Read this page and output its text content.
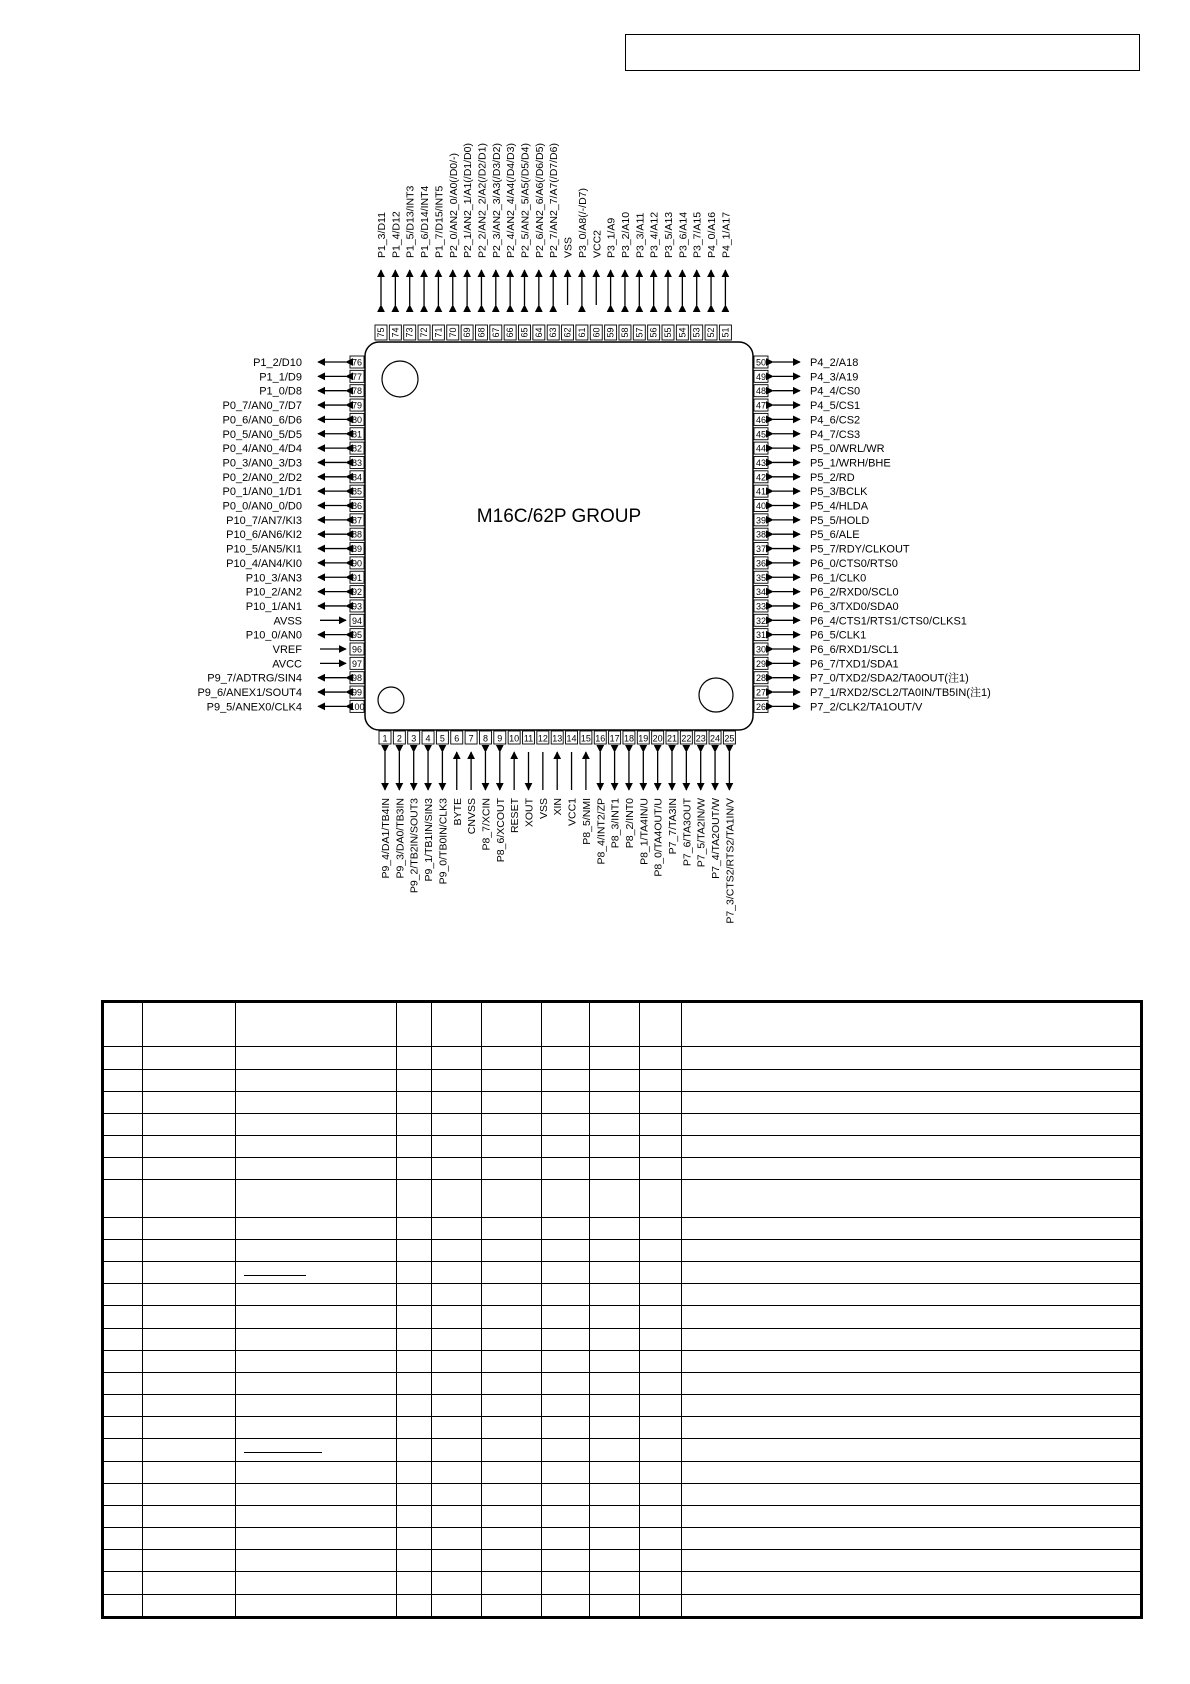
M16C/62P GROUP
75
P1_3/D11
74
P1_4/D12
73
P1_5/D13/INT3
72
P1_6/D14/INT4
71
P1_7/D15/INT5
70
P2_0/AN2_0/A0(/D0/-)
69
P2_1/AN2_1/A1(/D1/D0)
68
P2_2/AN2_2/A2(/D2/D1)
67
P2_3/AN2_3/A3(/D3/D2)
66
P2_4/AN2_4/A4(/D4/D3)
65
P2_5/AN2_5/A5(/D5/D4)
64
P2_6/AN2_6/A6(/D6/D5)
63
P2_7/AN2_7/A7(/D7/D6)
62
VSS
61
P3_0/A8(/-/D7)
60
VCC2
59
P3_1/A9
58
P3_2/A10
57
P3_3/A11
56
P3_4/A12
55
P3_5/A13
54
P3_6/A14
53
P3_7/A15
52
P4_0/A16
51
P4_1/A17
76
P1_2/D10
77
P1_1/D9
78
P1_0/D8
79
P0_7/AN0_7/D7
80
P0_6/AN0_6/D6
81
P0_5/AN0_5/D5
82
P0_4/AN0_4/D4
83
P0_3/AN0_3/D3
84
P0_2/AN0_2/D2
85
P0_1/AN0_1/D1
86
P0_0/AN0_0/D0
87
P10_7/AN7/KI3
88
P10_6/AN6/KI2
89
P10_5/AN5/KI1
90
P10_4/AN4/KI0
91
P10_3/AN3
92
P10_2/AN2
93
P10_1/AN1
94
AVSS
95
P10_0/AN0
96
VREF
97
AVCC
98
P9_7/ADTRG/SIN4
99
P9_6/ANEX1/SOUT4
100
P9_5/ANEX0/CLK4
50	P4_2/A18
49	P4_3/A19
48	P4_4/CS0
47	P4_5/CS1
46	P4_6/CS2
45	P4_7/CS3
44	P5_0/WRL/WR
43	P5_1/WRH/BHE
42	P5_2/RD
41	P5_3/BCLK
40	P5_4/HLDA
39	P5_5/HOLD
38	P5_6/ALE
37	P5_7/RDY/CLKOUT
36	P6_0/CTS0/RTS0
35	P6_1/CLK0
34	P6_2/RXD0/SCL0
33	P6_3/TXD0/SDA0
32	P6_4/CTS1/RTS1/CTS0/CLKS1
31	P6_5/CLK1
30	P6_6/RXD1/SCL1
29	P6_7/TXD1/SDA1
28	P7_0/TXD2/SDA2/TA0OUT(注1)
27	P7_1/RXD2/SCL2/TA0IN/TB5IN(注1)
26	P7_2/CLK2/TA1OUT/V
1
P9_4/DA1/TB4IN
2
P9_3/DA0/TB3IN
3
P9_2/TB2IN/SOUT3
4
P9_1/TB1IN/SIN3
5
P9_0/TB0IN/CLK3
6
BYTE
7
CNVSS
8
P8_7/XCIN
9
P8_6/XCOUT
10
RESET
11
XOUT
12
VSS
13
XIN
14
VCC1
15
P8_5/NMI
16
P8_4/INT2/ZP
17
P8_3/INT1
18
P8_2/INT0
19
P8_1/TA4IN/U
20
P8_0/TA4OUT/U
21
P7_7/TA3IN
22
P7_6/TA3OUT
23
P7_5/TA2IN/W
24
P7_4/TA2OUT/W
25
P7_3/CTS2/RTS2/TA1IN/V
